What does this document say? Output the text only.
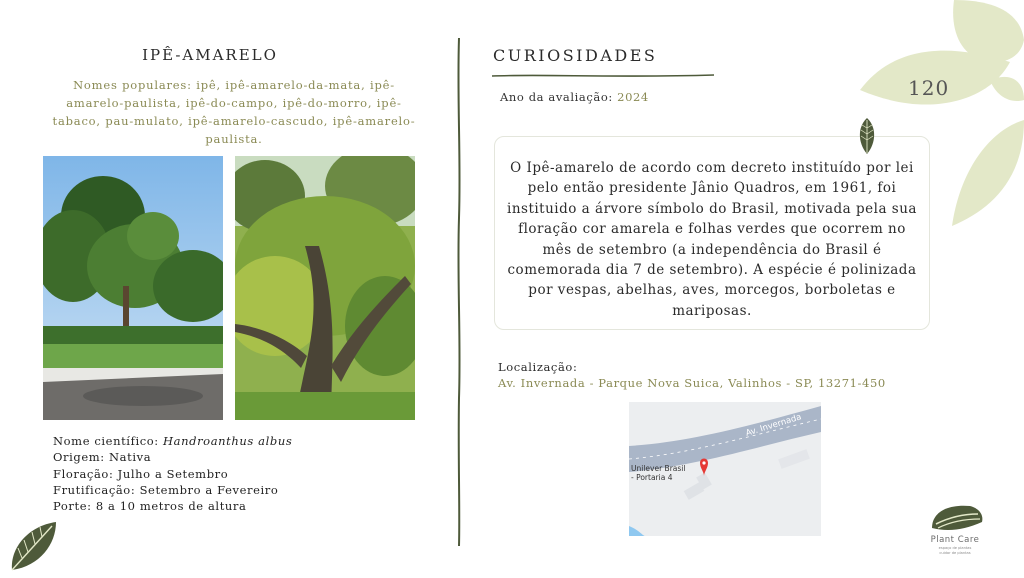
IPÊ-AMARELO
Nomes populares: ipê, ipê-amarelo-da-mata, ipê-amarelo-paulista, ipê-do-campo, ipê-do-morro, ipê-tabaco, pau-mulato, ipê-amarelo-cascudo, ipê-amarelo-paulista.
Nome científico: Handroanthus albus
Origem: Nativa
Floração: Julho a Setembro
Frutificação: Setembro a Fevereiro
Porte: 8 a 10 metros de altura
CURIOSIDADES
Ano da avaliação: 2024
O Ipê-amarelo de acordo com decreto instituído por lei pelo então presidente Jânio Quadros, em 1961, foi instituido a árvore símbolo do Brasil, motivada pela sua floração cor amarela e folhas verdes que ocorrem no mês de setembro (a independência do Brasil é comemorada dia 7 de setembro). A espécie é polinizada por vespas, abelhas, aves, morcegos, borboletas e mariposas.
Localização:
Av. Invernada - Parque Nova Suica, Valinhos - SP, 13271-450
Av. Invernada
Unilever Brasil
- Portaria 4
120
Plant Care
espaço de plantas
cuidar de plantas
